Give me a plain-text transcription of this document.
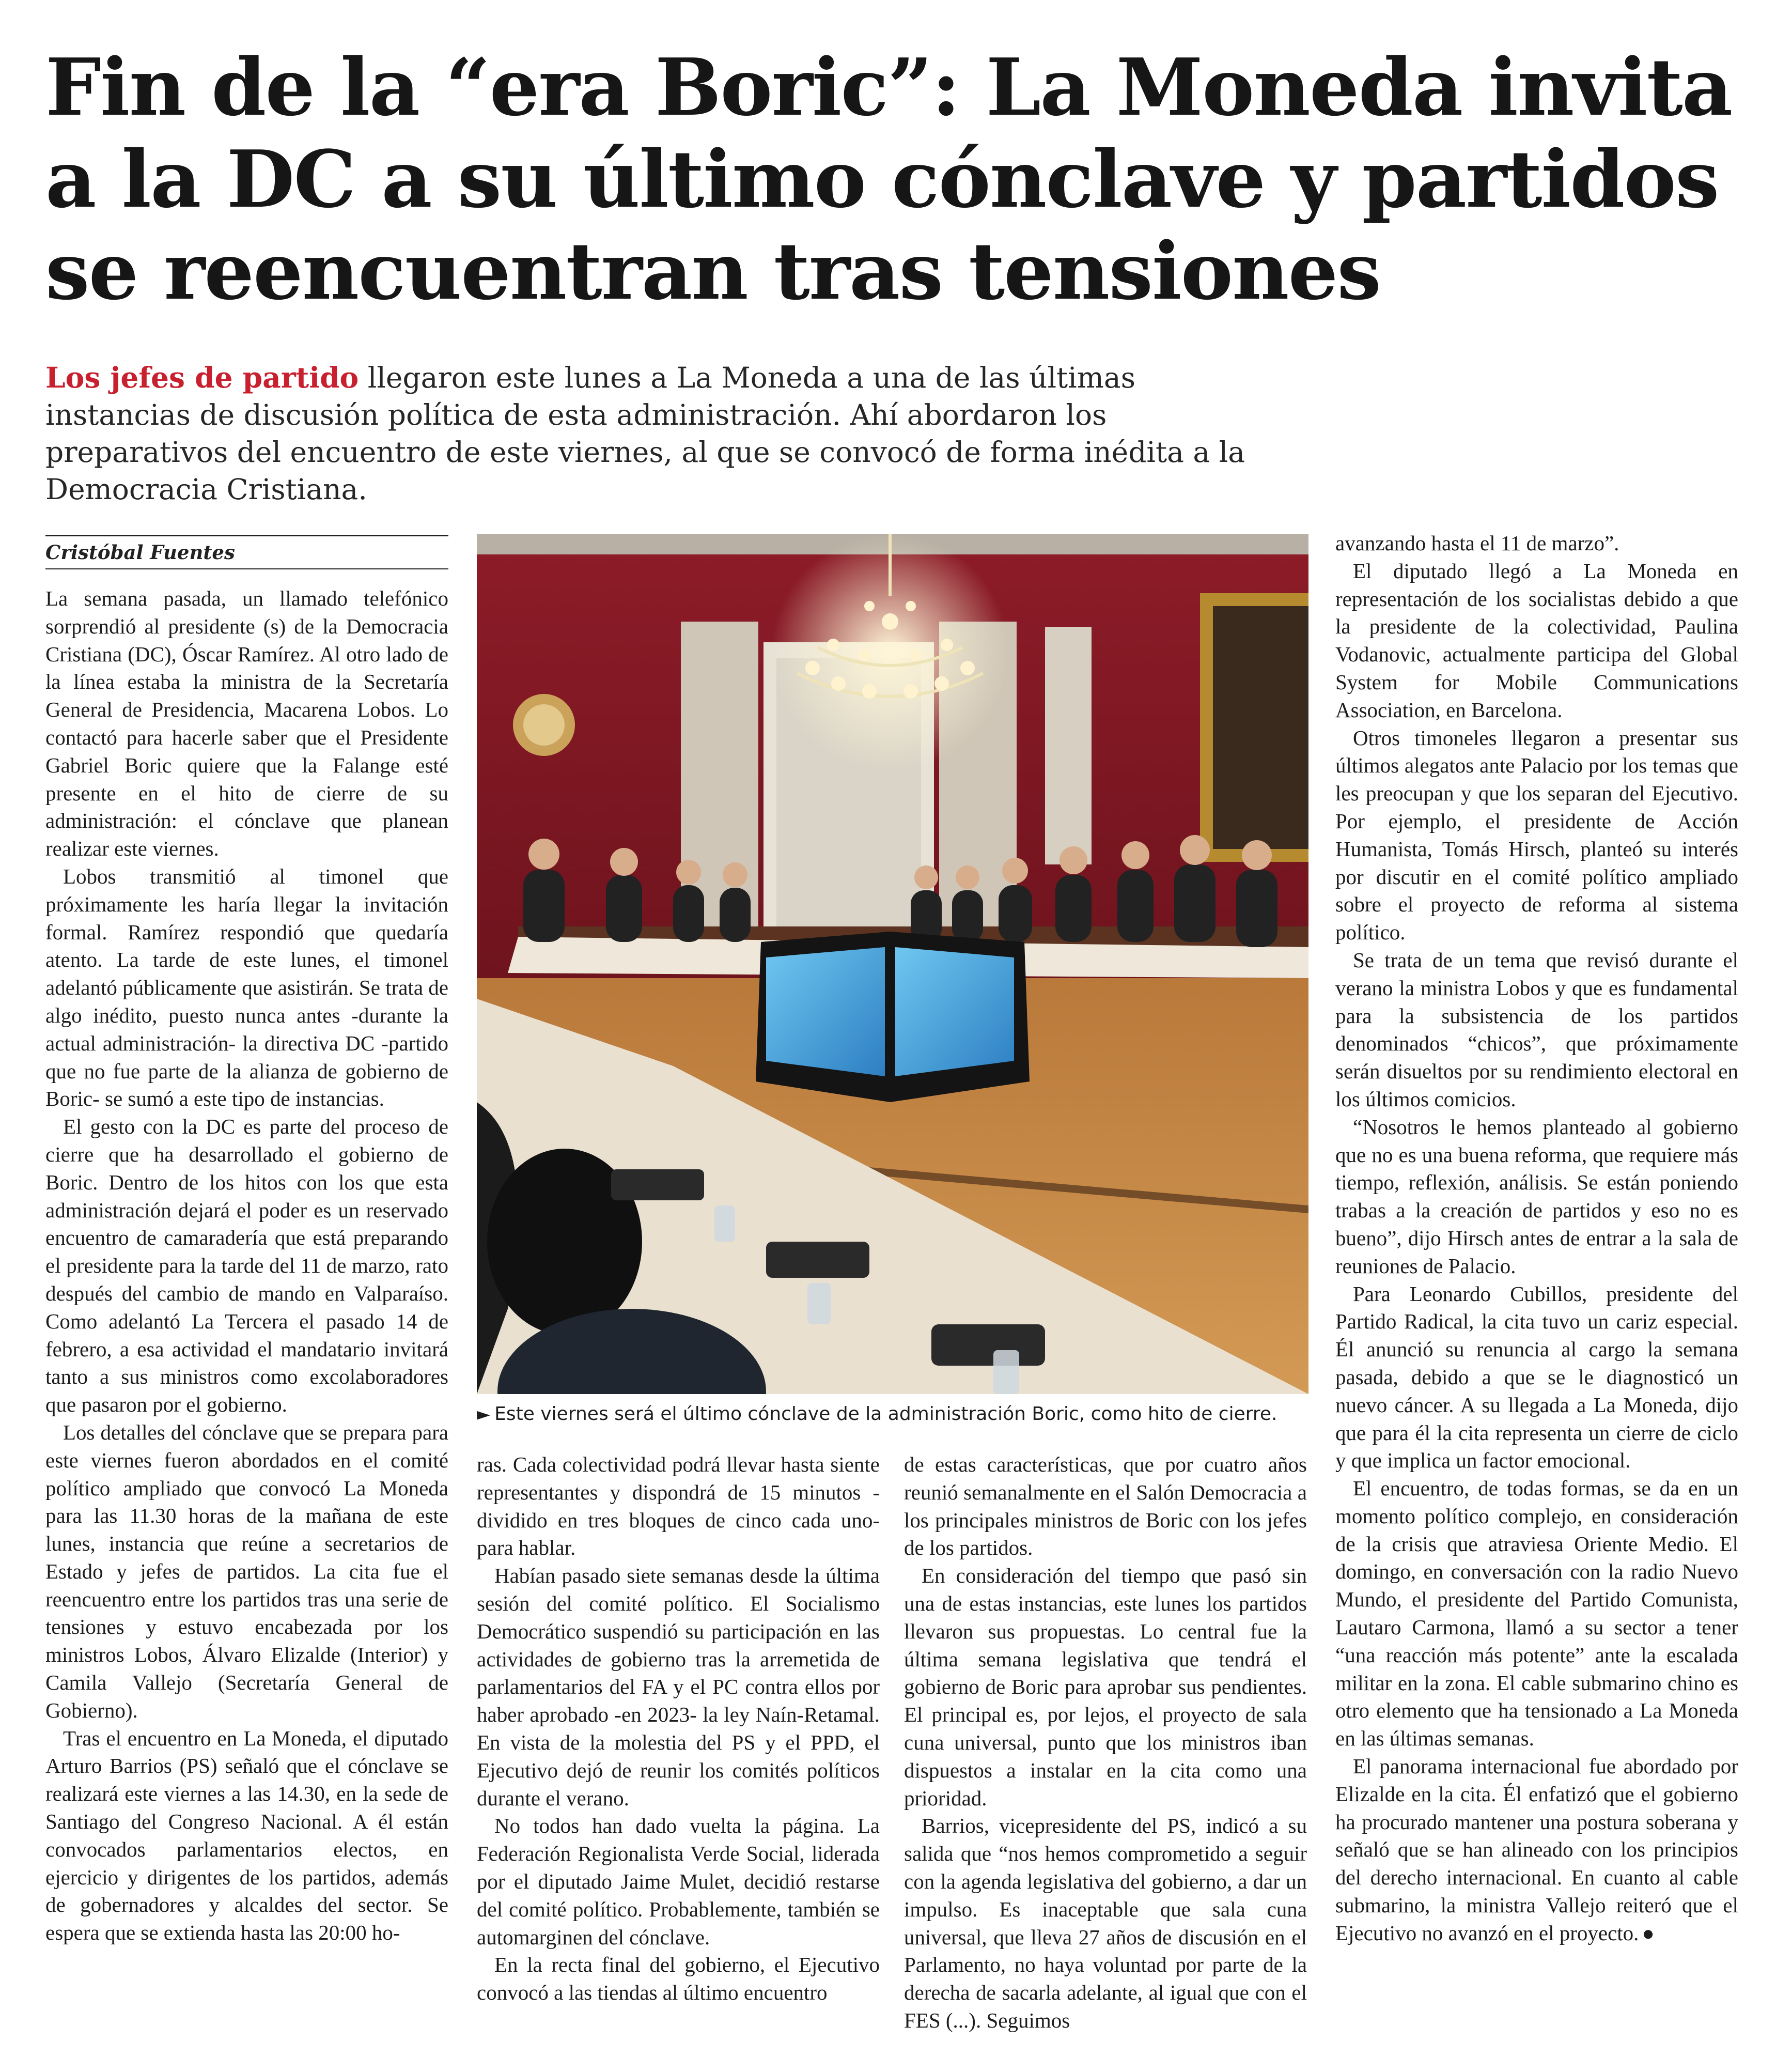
Fin de la “era Boric”: La Moneda invita a la DC a su último cónclave y partidos se reencuentran tras tensiones

Los jefes de partido llegaron este lunes a La Moneda a una de las últimas instancias de discusión política de esta administración. Ahí abordaron los preparativos del encuentro de este viernes, al que se convocó de forma inédita a la Democracia Cristiana.

Cristóbal Fuentes

La semana pasada, un llamado telefónico sorprendió al presidente (s) de la Democracia Cristiana (DC), Óscar Ramírez. Al otro lado de la línea estaba la ministra de la Secretaría General de Presidencia, Macarena Lobos. Lo contactó para hacerle saber que el Presidente Gabriel Boric quiere que la Falange esté presente en el hito de cierre de su administración: el cónclave que planean realizar este viernes.

Lobos transmitió al timonel que próximamente les haría llegar la invitación formal. Ramírez respondió que quedaría atento. La tarde de este lunes, el timonel adelantó públicamente que asistirán. Se trata de algo inédito, puesto nunca antes -durante la actual administración- la directiva DC -partido que no fue parte de la alianza de gobierno de Boric- se sumó a este tipo de instancias.

El gesto con la DC es parte del proceso de cierre que ha desarrollado el gobierno de Boric. Dentro de los hitos con los que esta administración dejará el poder es un reservado encuentro de camaradería que está preparando el presidente para la tarde del 11 de marzo, rato después del cambio de mando en Valparaíso. Como adelantó La Tercera el pasado 14 de febrero, a esa actividad el mandatario invitará tanto a sus ministros como excolaboradores que pasaron por el gobierno.

Los detalles del cónclave que se prepara para este viernes fueron abordados en el comité político ampliado que convocó La Moneda para las 11.30 horas de la mañana de este lunes, instancia que reúne a secretarios de Estado y jefes de partidos. La cita fue el reencuentro entre los partidos tras una serie de tensiones y estuvo encabezada por los ministros Lobos, Álvaro Elizalde (Interior) y Camila Vallejo (Secretaría General de Gobierno).

Tras el encuentro en La Moneda, el diputado Arturo Barrios (PS) señaló que el cónclave se realizará este viernes a las 14.30, en la sede de Santiago del Congreso Nacional. A él están convocados parlamentarios electos, en ejercicio y dirigentes de los partidos, además de gobernadores y alcaldes del sector. Se espera que se extienda hasta las 20:00 ho-

► Este viernes será el último cónclave de la administración Boric, como hito de cierre.

ras. Cada colectividad podrá llevar hasta siente representantes y dispondrá de 15 minutos -dividido en tres bloques de cinco cada uno- para hablar.

Habían pasado siete semanas desde la última sesión del comité político. El Socialismo Democrático suspendió su participación en las actividades de gobierno tras la arremetida de parlamentarios del FA y el PC contra ellos por haber aprobado -en 2023- la ley Naín-Retamal. En vista de la molestia del PS y el PPD, el Ejecutivo dejó de reunir los comités políticos durante el verano.

No todos han dado vuelta la página. La Federación Regionalista Verde Social, liderada por el diputado Jaime Mulet, decidió restarse del comité político. Probablemente, también se automarginen del cónclave.

En la recta final del gobierno, el Ejecutivo convocó a las tiendas al último encuentro

de estas características, que por cuatro años reunió semanalmente en el Salón Democracia a los principales ministros de Boric con los jefes de los partidos.

En consideración del tiempo que pasó sin una de estas instancias, este lunes los partidos llevaron sus propuestas. Lo central fue la última semana legislativa que tendrá el gobierno de Boric para aprobar sus pendientes. El principal es, por lejos, el proyecto de sala cuna universal, punto que los ministros iban dispuestos a instalar en la cita como una prioridad.

Barrios, vicepresidente del PS, indicó a su salida que “nos hemos comprometido a seguir con la agenda legislativa del gobierno, a dar un impulso. Es inaceptable que sala cuna universal, que lleva 27 años de discusión en el Parlamento, no haya voluntad por parte de la derecha de sacarla adelante, al igual que con el FES (...). Seguimos

avanzando hasta el 11 de marzo”.

El diputado llegó a La Moneda en representación de los socialistas debido a que la presidente de la colectividad, Paulina Vodanovic, actualmente participa del Global System for Mobile Communications Association, en Barcelona.

Otros timoneles llegaron a presentar sus últimos alegatos ante Palacio por los temas que les preocupan y que los separan del Ejecutivo. Por ejemplo, el presidente de Acción Humanista, Tomás Hirsch, planteó su interés por discutir en el comité político ampliado sobre el proyecto de reforma al sistema político.

Se trata de un tema que revisó durante el verano la ministra Lobos y que es fundamental para la subsistencia de los partidos denominados “chicos”, que próximamente serán disueltos por su rendimiento electoral en los últimos comicios.

“Nosotros le hemos planteado al gobierno que no es una buena reforma, que requiere más tiempo, reflexión, análisis. Se están poniendo trabas a la creación de partidos y eso no es bueno”, dijo Hirsch antes de entrar a la sala de reuniones de Palacio.

Para Leonardo Cubillos, presidente del Partido Radical, la cita tuvo un cariz especial. Él anunció su renuncia al cargo la semana pasada, debido a que se le diagnosticó un nuevo cáncer. A su llegada a La Moneda, dijo que para él la cita representa un cierre de ciclo y que implica un factor emocional.

El encuentro, de todas formas, se da en un momento político complejo, en consideración de la crisis que atraviesa Oriente Medio. El domingo, en conversación con la radio Nuevo Mundo, el presidente del Partido Comunista, Lautaro Carmona, llamó a su sector a tener “una reacción más potente” ante la escalada militar en la zona. El cable submarino chino es otro elemento que ha tensionado a La Moneda en las últimas semanas.

El panorama internacional fue abordado por Elizalde en la cita. Él enfatizó que el gobierno ha procurado mantener una postura soberana y señaló que se han alineado con los principios del derecho internacional. En cuanto al cable submarino, la ministra Vallejo reiteró que el Ejecutivo no avanzó en el proyecto. ●
